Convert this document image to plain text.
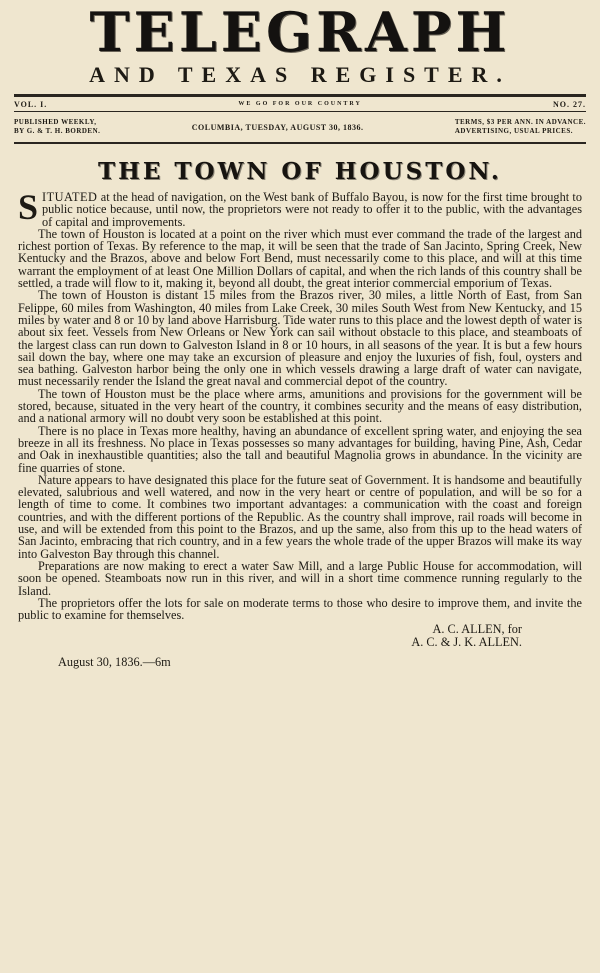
TELEGRAPH
AND TEXAS REGISTER.
VOL. I.	WE GO FOR OUR COUNTRY	NO. 27.
PUBLISHED WEEKLY,
BY G. & T. H. BORDEN.	COLUMBIA, TUESDAY, AUGUST 30, 1836.
TERMS, $3 PER ANN. IN ADVANCE.
ADVERTISING, USUAL PRICES.
THE TOWN OF HOUSTON.

SITUATED at the head of navigation, on the West bank of Buffalo Bayou, is now for the first time brought to public notice because, until now, the proprietors were not ready to offer it to the public, with the advantages of capital and improvements.

The town of Houston is located at a point on the river which must ever command the trade of the largest and richest portion of Texas. By reference to the map, it will be seen that the trade of San Jacinto, Spring Creek, New Kentucky and the Brazos, above and below Fort Bend, must necessarily come to this place, and will at this time warrant the employment of at least One Million Dollars of capital, and when the rich lands of this country shall be settled, a trade will flow to it, making it, beyond all doubt, the great interior commercial emporium of Texas.

The town of Houston is distant 15 miles from the Brazos river, 30 miles, a little North of East, from San Felippe, 60 miles from Washington, 40 miles from Lake Creek, 30 miles South West from New Kentucky, and 15 miles by water and 8 or 10 by land above Harrisburg. Tide water runs to this place and the lowest depth of water is about six feet. Vessels from New Orleans or New York can sail without obstacle to this place, and steamboats of the largest class can run down to Galveston Island in 8 or 10 hours, in all seasons of the year. It is but a few hours sail down the bay, where one may take an excursion of pleasure and enjoy the luxuries of fish, foul, oysters and sea bathing. Galveston harbor being the only one in which vessels drawing a large draft of water can navigate, must necessarily render the Island the great naval and commercial depot of the country.

The town of Houston must be the place where arms, amunitions and provisions for the government will be stored, because, situated in the very heart of the country, it combines security and the means of easy distribution, and a national armory will no doubt very soon be established at this point.

There is no place in Texas more healthy, having an abundance of excellent spring water, and enjoying the sea breeze in all its freshness. No place in Texas possesses so many advantages for building, having Pine, Ash, Cedar and Oak in inexhaustible quantities; also the tall and beautiful Magnolia grows in abundance. In the vicinity are fine quarries of stone.

Nature appears to have designated this place for the future seat of Government. It is handsome and beautifully elevated, salubrious and well watered, and now in the very heart or centre of population, and will be so for a length of time to come. It combines two important advantages: a communication with the coast and foreign countries, and with the different portions of the Republic. As the country shall improve, rail roads will become in use, and will be extended from this point to the Brazos, and up the same, also from this up to the head waters of San Jacinto, embracing that rich country, and in a few years the whole trade of the upper Brazos will make its way into Galveston Bay through this channel.

Preparations are now making to erect a water Saw Mill, and a large Public House for accommodation, will soon be opened. Steamboats now run in this river, and will in a short time commence running regularly to the Island.

The proprietors offer the lots for sale on moderate terms to those who desire to improve them, and invite the public to examine for themselves.

A. C. ALLEN, for
A. C. & J. K. ALLEN.
August 30, 1836.—6m
